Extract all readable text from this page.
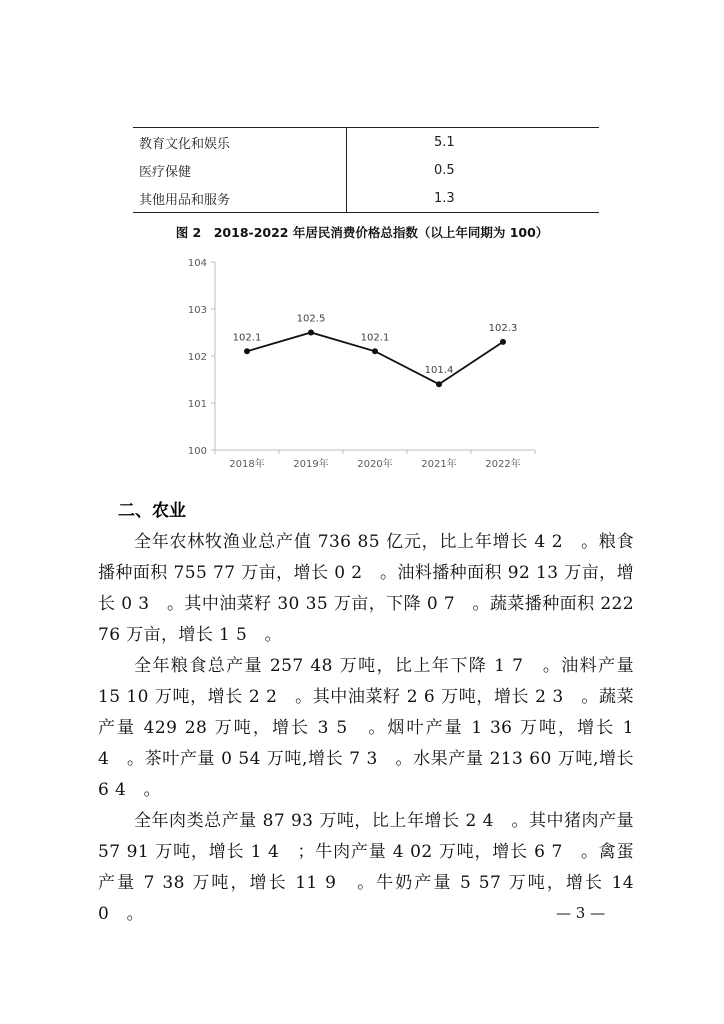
教育文化和娱乐	5.1
医疗保健	0.5
其他用品和服务	1.3
图 2　2018-2022 年居民消费价格总指数（以上年同期为 100）
100
101
102
103
104
2018年	2019年	2020年	2021年	2022年
102.1
102.5
102.1
101.4
102.3
二、农业

全年农林牧渔业总产值 736 85 亿元，比上年增长 4 2　。粮食播种面积 755 77 万亩，增长 0 2　。油料播种面积 92 13 万亩，增长 0 3　。其中油菜籽 30 35 万亩，下降 0 7　。蔬菜播种面积 222 76 万亩，增长 1 5　。

全年粮食总产量 257 48 万吨，比上年下降 1 7　。油料产量 15 10 万吨，增长 2 2　。其中油菜籽 2 6 万吨，增长 2 3　。蔬菜产量 429 28 万吨，增长 3 5　。烟叶产量 1 36 万吨，增长 1 4　。茶叶产量 0 54 万吨,增长 7 3　。水果产量 213 60 万吨,增长 6 4　。

全年肉类总产量 87 93 万吨，比上年增长 2 4　。其中猪肉产量 57 91 万吨，增长 1 4　；牛肉产量 4 02 万吨，增长 6 7　。禽蛋产量 7 38 万吨，增长 11 9　。牛奶产量 5 57 万吨，增长 14 0　。	— 3 —
